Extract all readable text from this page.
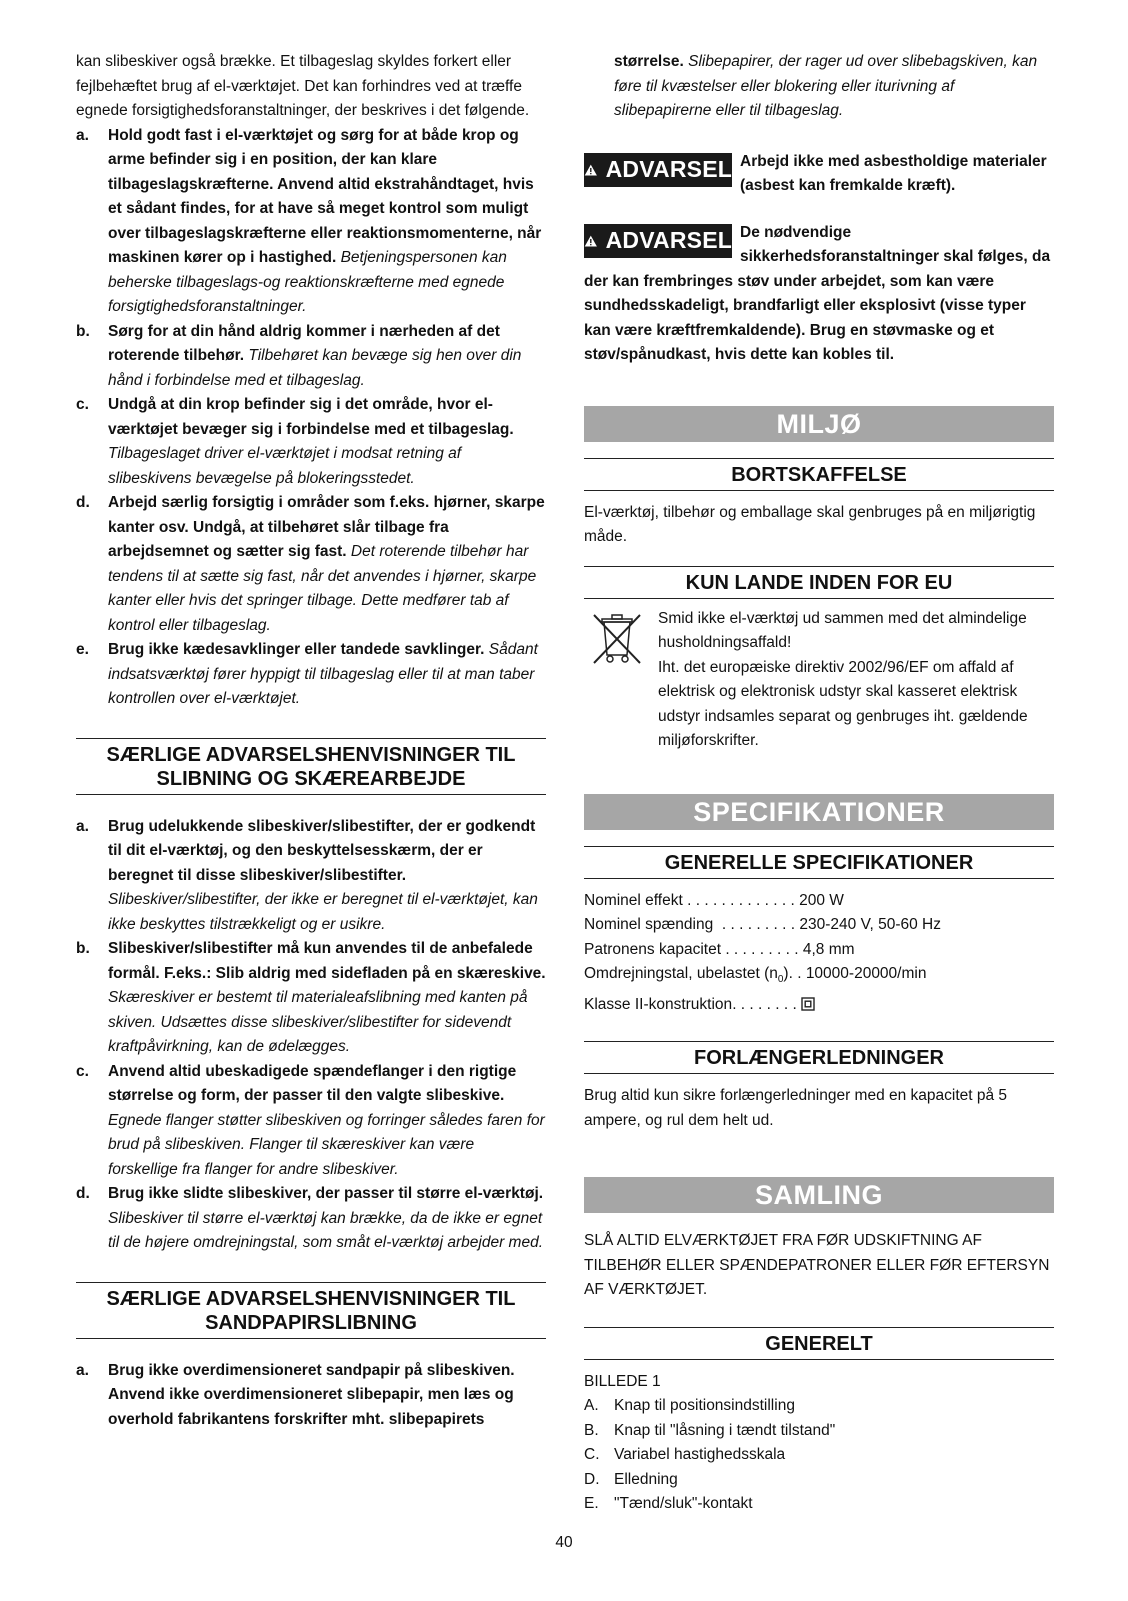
kan slibeskiver også brække. Et tilbageslag skyldes forkert eller fejlbehæftet brug af el-værktøjet. Det kan forhindres ved at træffe egnede forsigtighedsforanstaltninger, der beskrives i det følgende.

a. Hold godt fast i el-værktøjet og sørg for at både krop og arme befinder sig i en position, der kan klare tilbageslagskræfterne. Anvend altid ekstrahåndtaget, hvis et sådant findes, for at have så meget kontrol som muligt over tilbageslagskræfterne eller reaktionsmomenterne, når maskinen kører op i hastighed. Betjeningspersonen kan beherske tilbageslags-og reaktionskræfterne med egnede forsigtighedsforanstaltninger.
b. Sørg for at din hånd aldrig kommer i nærheden af det roterende tilbehør. Tilbehøret kan bevæge sig hen over din hånd i forbindelse med et tilbageslag.
c. Undgå at din krop befinder sig i det område, hvor el-værktøjet bevæger sig i forbindelse med et tilbageslag. Tilbageslaget driver el-værktøjet i modsat retning af slibeskivens bevægelse på blokeringsstedet.
d. Arbejd særlig forsigtig i områder som f.eks. hjørner, skarpe kanter osv. Undgå, at tilbehøret slår tilbage fra arbejdsemnet og sætter sig fast. Det roterende tilbehør har tendens til at sætte sig fast, når det anvendes i hjørner, skarpe kanter eller hvis det springer tilbage. Dette medfører tab af kontrol eller tilbageslag.
e. Brug ikke kædesavklinger eller tandede savklinger. Sådant indsatsværktøj fører hyppigt til tilbageslag eller til at man taber kontrollen over el-værktøjet.
SÆRLIGE ADVARSELSHENVISNINGER TIL SLIBNING OG SKÆREARBEJDE
a. Brug udelukkende slibeskiver/slibestifter, der er godkendt til dit el-værktøj, og den beskyttelsesskærm, der er beregnet til disse slibeskiver/slibestifter. Slibeskiver/slibestifter, der ikke er beregnet til el-værktøjet, kan ikke beskyttes tilstrækkeligt og er usikre.
b. Slibeskiver/slibestifter må kun anvendes til de anbefalede formål. F.eks.: Slib aldrig med sidefladen på en skæreskive. Skæreskiver er bestemt til materialeafslibning med kanten på skiven. Udsættes disse slibeskiver/slibestifter for sidevendt kraftpåvirkning, kan de ødelægges.
c. Anvend altid ubeskadigede spændeflanger i den rigtige størrelse og form, der passer til den valgte slibeskive. Egnede flanger støtter slibeskiven og forringer således faren for brud på slibeskiven. Flanger til skæreskiver kan være forskellige fra flanger for andre slibeskiver.
d. Brug ikke slidte slibeskiver, der passer til større el-værktøj. Slibeskiver til større el-værktøj kan brække, da de ikke er egnet til de højere omdrejningstal, som småt el-værktøj arbejder med.
SÆRLIGE ADVARSELSHENVISNINGER TIL SANDPAPIRSLIBNING
a. Brug ikke overdimensioneret sandpapir på slibeskiven. Anvend ikke overdimensioneret slibepapir, men læs og overhold fabrikantens forskrifter mht. slibepapirets
størrelse. Slibepapirer, der rager ud over slibebagskiven, kan føre til kvæstelser eller blokering eller iturivning af slibepapirerne eller til tilbageslag.
ADVARSEL Arbejd ikke med asbestholdige materialer (asbest kan fremkalde kræft).
ADVARSEL De nødvendige sikkerhedsforanstaltninger skal følges, da der kan frembringes støv under arbejdet, som kan være sundhedsskadeligt, brandfarligt eller eksplosivt (visse typer kan være kræftfremkaldende). Brug en støvmaske og et støv/spånudkast, hvis dette kan kobles til.
MILJØ
BORTSKAFFELSE

El-værktøj, tilbehør og emballage skal genbruges på en miljørigtig måde.

KUN LANDE INDEN FOR EU

Smid ikke el-værktøj ud sammen med det almindelige husholdningsaffald!

Iht. det europæiske direktiv 2002/96/EF om affald af elektrisk og elektronisk udstyr skal kasseret elektrisk udstyr indsamles separat og genbruges iht. gældende miljøforskrifter.

SPECIFIKATIONER
GENERELLE SPECIFIKATIONER
Nominel effekt . . . . . . . . . . . . . 200 W
Nominel spænding  . . . . . . . . . 230-240 V, 50-60 Hz
Patronens kapacitet . . . . . . . . . 4,8 mm
Omdrejningstal, ubelastet $(n_0)$. . 10000-20000/min
Klasse II-konstruktion. . . . . . . .
FORLÆNGERLEDNINGER

Brug altid kun sikre forlængerledninger med en kapacitet på 5 ampere, og rul dem helt ud.

SAMLING

SLÅ ALTID ELVÆRKTØJET FRA FØR UDSKIFTNING AF TILBEHØR ELLER SPÆNDEPATRONER ELLER FØR EFTERSYN AF VÆRKTØJET.

GENERELT

BILLEDE 1

A. Knap til positionsindstilling
B. Knap til "låsning i tændt tilstand"
C. Variabel hastighedsskala
D. Elledning
E. "Tænd/sluk"-kontakt
40
